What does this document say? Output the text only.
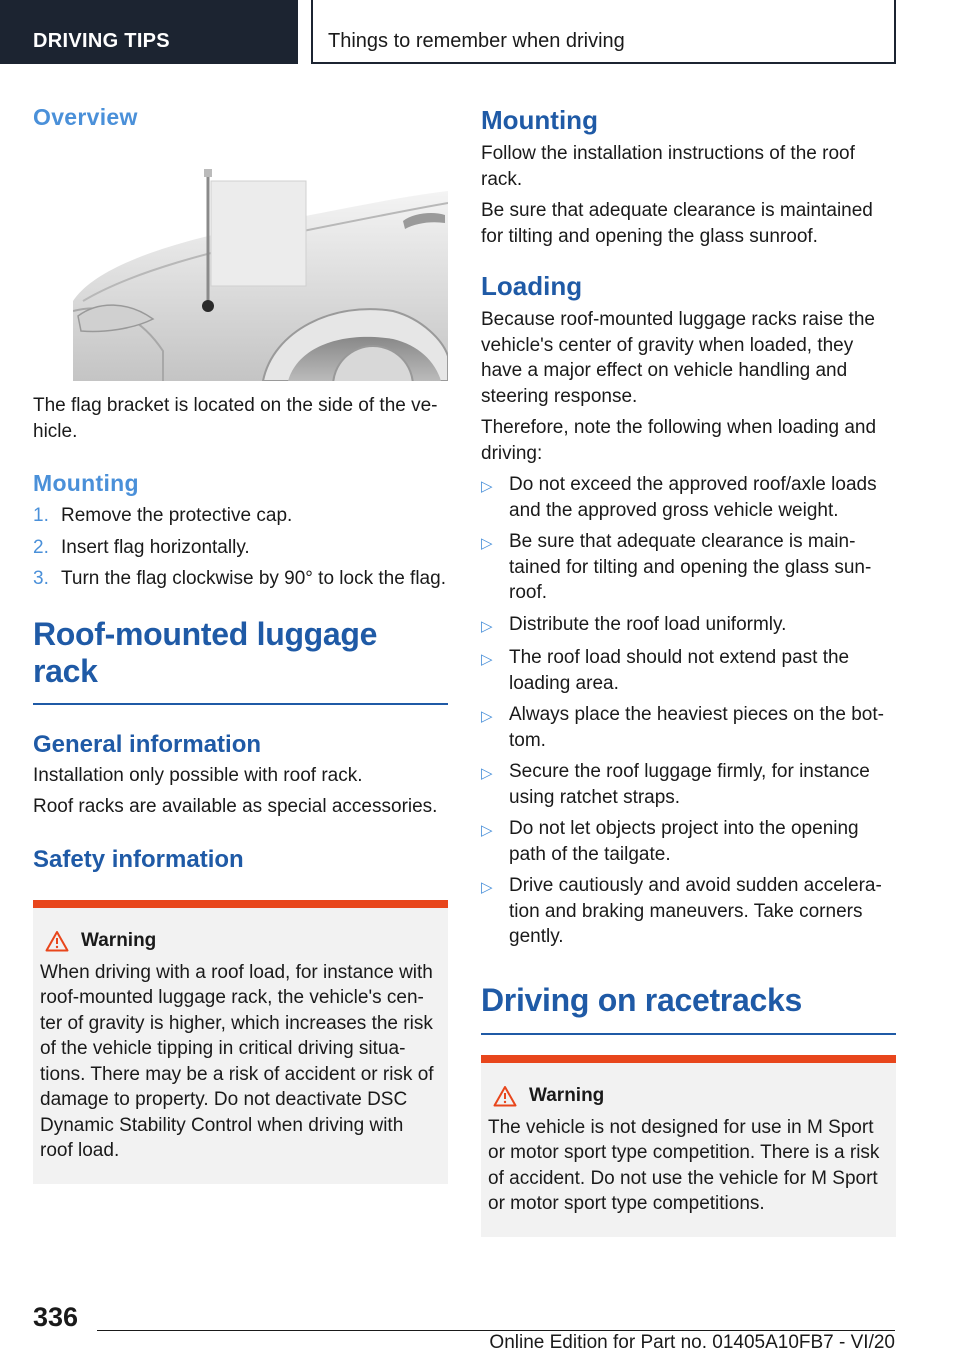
DRIVING TIPS	Things to remember when driving
Overview

The flag bracket is located on the side of the ve‐hicle.

Mounting
1. Remove the protective cap.
2. Insert flag horizontally.
3. Turn the flag clockwise by 90° to lock the flag.
Roof-mounted luggage rack
General information

Installation only possible with roof rack.

Roof racks are available as special accessories.

Safety information
Warning

When driving with a roof load, for instance with roof-mounted luggage rack, the vehicle's cen‐ter of gravity is higher, which increases the risk of the vehicle tipping in critical driving situa‐tions. There may be a risk of accident or risk of damage to property. Do not deactivate DSC Dynamic Stability Control when driving with roof load.

Mounting

Follow the installation instructions of the roof rack.

Be sure that adequate clearance is maintained for tilting and opening the glass sunroof.

Loading

Because roof-mounted luggage racks raise the vehicle's center of gravity when loaded, they have a major effect on vehicle handling and steering response.

Therefore, note the following when loading and driving:

▷ Do not exceed the approved roof/axle loads and the approved gross vehicle weight.
▷ Be sure that adequate clearance is main‐tained for tilting and opening the glass sun‐roof.
▷ Distribute the roof load uniformly.
▷ The roof load should not extend past the loading area.
▷ Always place the heaviest pieces on the bot‐tom.
▷ Secure the roof luggage firmly, for instance using ratchet straps.
▷ Do not let objects project into the opening path of the tailgate.
▷ Drive cautiously and avoid sudden accelera‐tion and braking maneuvers. Take corners gently.
Driving on racetracks
Warning

The vehicle is not designed for use in M Sport or motor sport type competition. There is a risk of accident. Do not use the vehicle for M Sport or motor sport type competitions.

336
Online Edition for Part no. 01405A10FB7 - VI/20
